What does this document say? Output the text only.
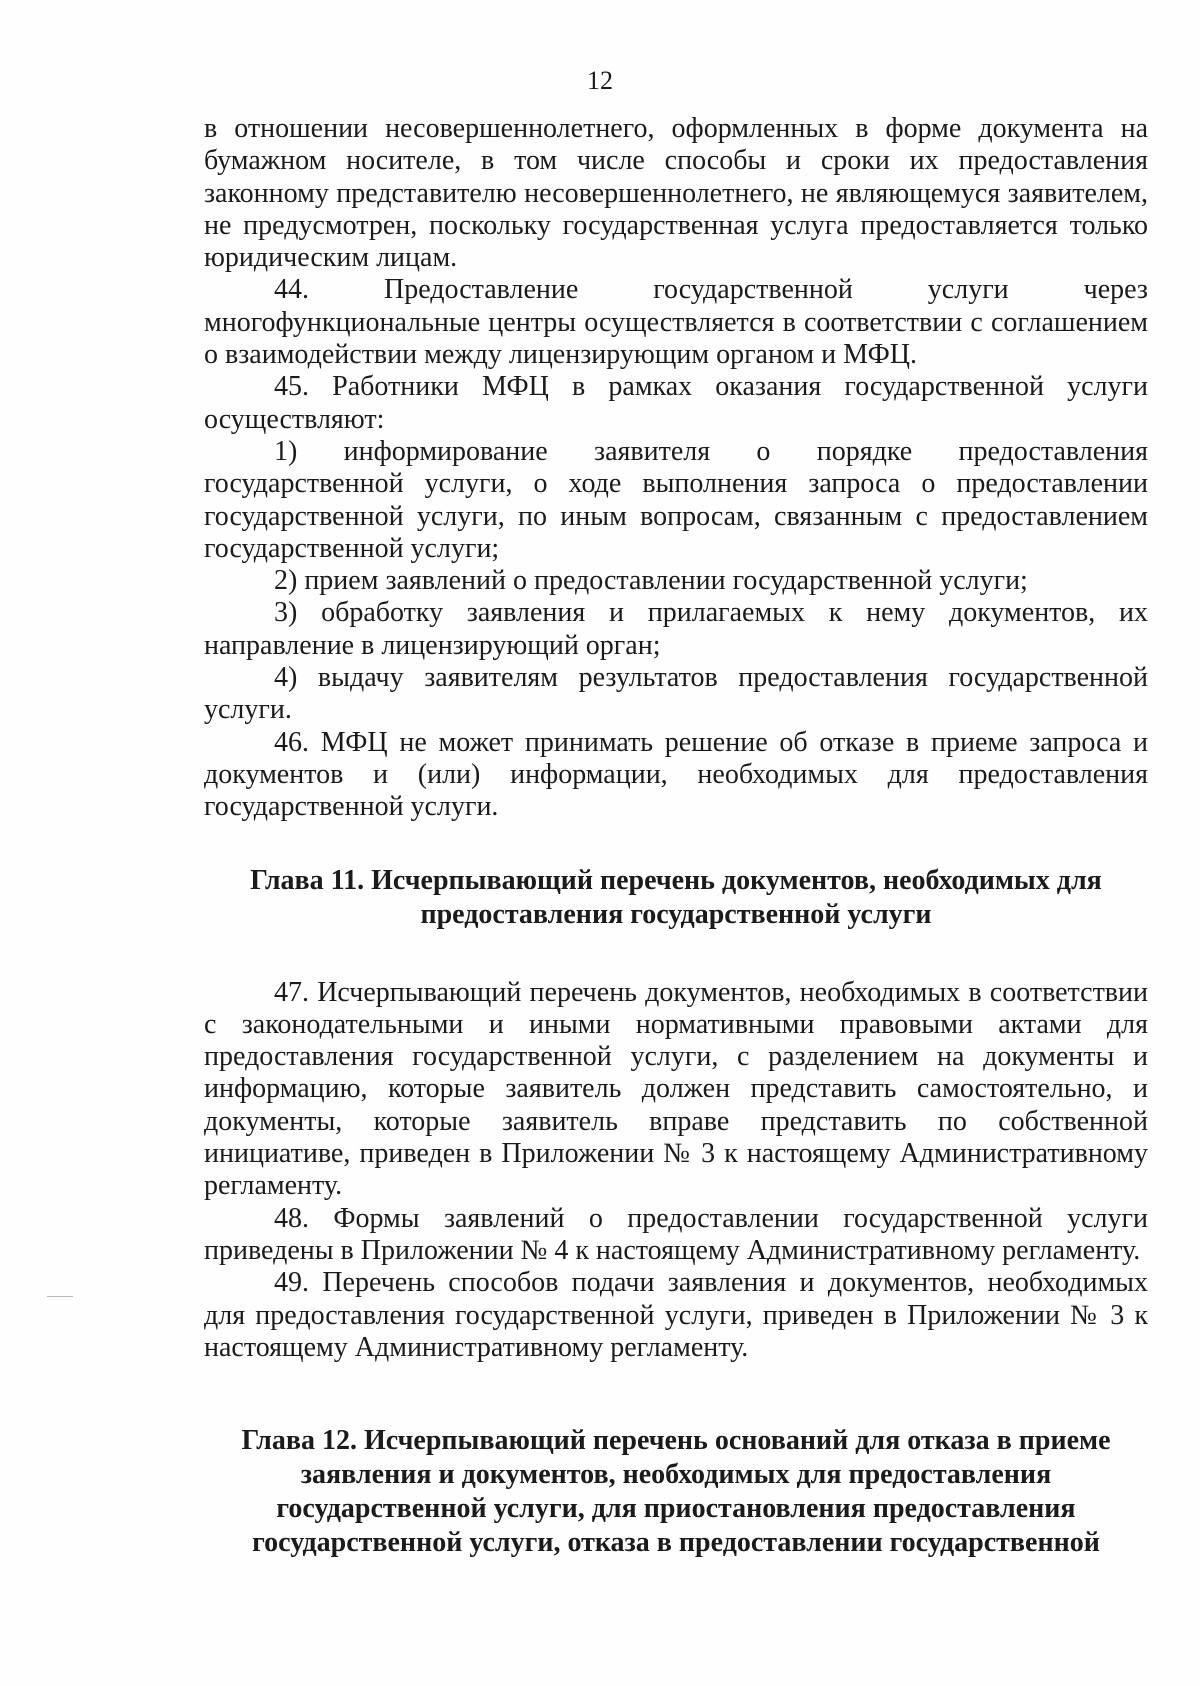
12

в отношении несовершеннолетнего, оформленных в форме документа на бумажном носителе, в том числе способы и сроки их предоставления законному представителю несовершеннолетнего, не являющемуся заявителем, не предусмотрен, поскольку государственная услуга предоставляется только юридическим лицам.

44. Предоставление государственной услуги через многофункциональные центры осуществляется в соответствии с соглашением о взаимодействии между лицензирующим органом и МФЦ.

45. Работники МФЦ в рамках оказания государственной услуги осуществляют:

1) информирование заявителя о порядке предоставления государственной услуги, о ходе выполнения запроса о предоставлении государственной услуги, по иным вопросам, связанным с предоставлением государственной услуги;

2) прием заявлений о предоставлении государственной услуги;

3) обработку заявления и прилагаемых к нему документов, их направление в лицензирующий орган;

4) выдачу заявителям результатов предоставления государственной услуги.

46. МФЦ не может принимать решение об отказе в приеме запроса и документов и (или) информации, необходимых для предоставления государственной услуги.

Глава 11. Исчерпывающий перечень документов, необходимых для
предоставления государственной услуги

47. Исчерпывающий перечень документов, необходимых в соответствии с законодательными и иными нормативными правовыми актами для предоставления государственной услуги, с разделением на документы и информацию, которые заявитель должен представить самостоятельно, и документы, которые заявитель вправе представить по собственной инициативе, приведен в Приложении № 3 к настоящему Административному регламенту.

48. Формы заявлений о предоставлении государственной услуги приведены в Приложении № 4 к настоящему Административному регламенту.

49. Перечень способов подачи заявления и документов, необходимых для предоставления государственной услуги, приведен в Приложении № 3 к настоящему Административному регламенту.

Глава 12. Исчерпывающий перечень оснований для отказа в приеме
заявления и документов, необходимых для предоставления
государственной услуги, для приостановления предоставления
государственной услуги, отказа в предоставлении государственной
